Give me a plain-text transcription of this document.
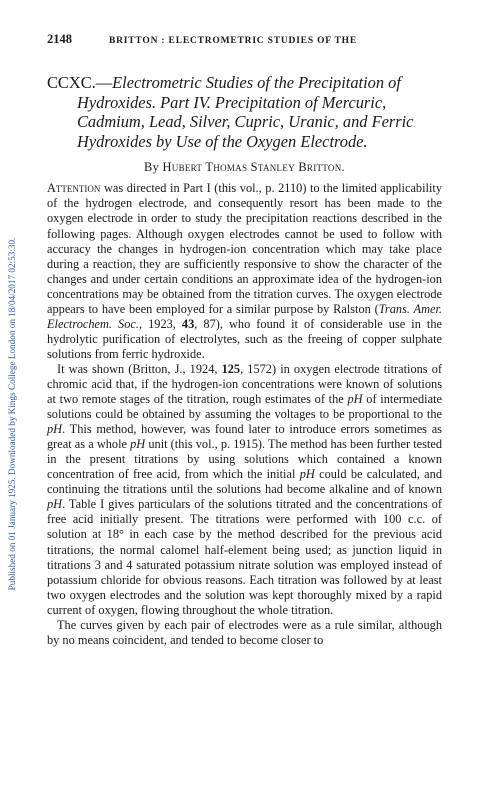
Published on 01 January 1925. Downloaded by Kings College London on 18/04/2017 02:53:30.
2148	BRITTON : ELECTROMETRIC STUDIES OF THE
CCXC.—Electrometric Studies of the Precipitation of
Hydroxides. Part IV. Precipitation of Mercuric, Cadmium, Lead, Silver, Cupric, Uranic, and Ferric Hydroxides by Use of the Oxygen Electrode.
By Hubert Thomas Stanley Britton.

Attention was directed in Part I (this vol., p. 2110) to the limited applicability of the hydrogen electrode, and consequently resort has been made to the oxygen electrode in order to study the precipitation reactions described in the following pages. Although oxygen electrodes cannot be used to follow with accuracy the changes in hydrogen-ion concentration which may take place during a reaction, they are sufficiently responsive to show the character of the changes and under certain conditions an approximate idea of the hydrogen-ion concentrations may be obtained from the titration curves. The oxygen electrode appears to have been employed for a similar purpose by Ralston (Trans. Amer. Electrochem. Soc., 1923, 43, 87), who found it of considerable use in the hydrolytic purification of electrolytes, such as the freeing of copper sulphate solutions from ferric hydroxide.

It was shown (Britton, J., 1924, 125, 1572) in oxygen electrode titrations of chromic acid that, if the hydrogen-ion concentrations were known of solutions at two remote stages of the titration, rough estimates of the pH of intermediate solutions could be obtained by assuming the voltages to be proportional to the pH. This method, however, was found later to introduce errors sometimes as great as a whole pH unit (this vol., p. 1915). The method has been further tested in the present titrations by using solutions which contained a known concentration of free acid, from which the initial pH could be calculated, and continuing the titrations until the solutions had become alkaline and of known pH. Table I gives particulars of the solutions titrated and the concentrations of free acid initially present. The titrations were performed with 100 c.c. of solution at 18° in each case by the method described for the previous acid titrations, the normal calomel half-element being used; as junction liquid in titrations 3 and 4 saturated potassium nitrate solution was employed instead of potassium chloride for obvious reasons. Each titration was followed by at least two oxygen electrodes and the solution was kept thoroughly mixed by a rapid current of oxygen, flowing throughout the whole titration.

The curves given by each pair of electrodes were as a rule similar, although by no means coincident, and tended to become closer to
